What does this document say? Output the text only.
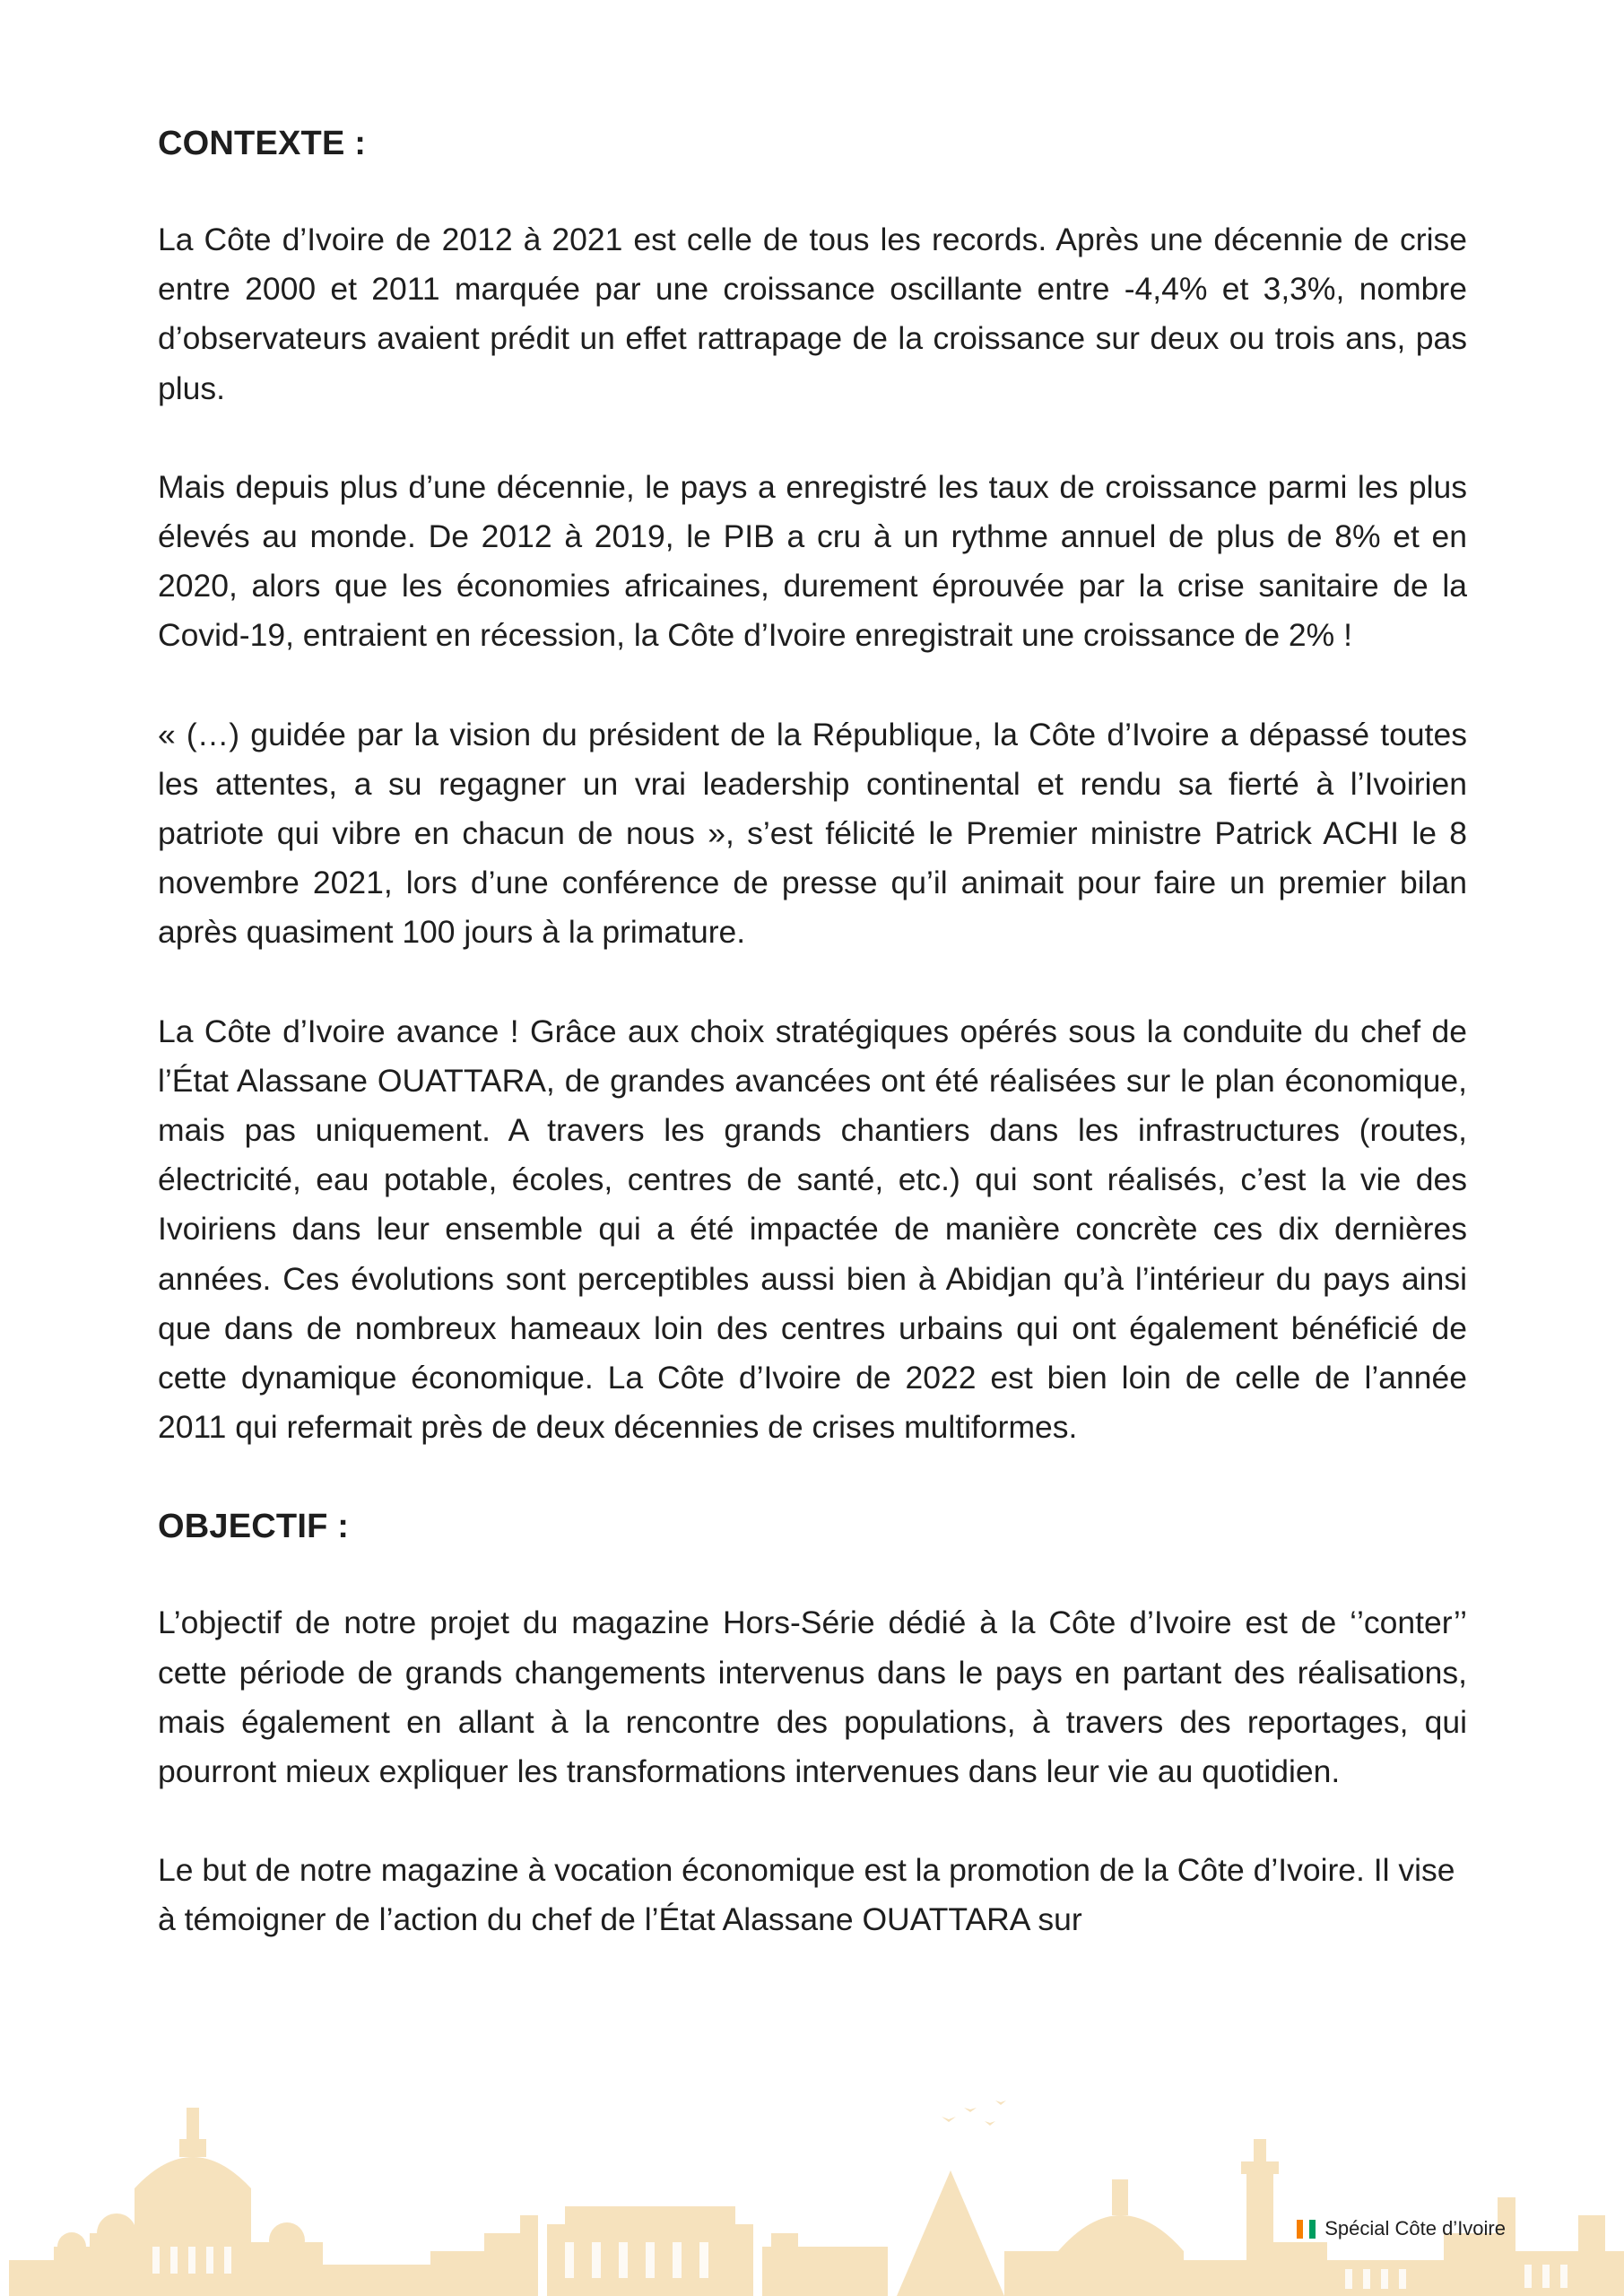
CONTEXTE :

La Côte d’Ivoire de 2012 à 2021 est celle de tous les records. Après une décennie de crise entre 2000 et 2011 marquée par une croissance oscillante entre -4,4% et 3,3%, nombre d’observateurs avaient prédit un effet rattrapage de la croissance sur deux ou trois ans, pas plus.

Mais depuis plus d’une décennie, le pays a enregistré les taux de croissance parmi les plus élevés au monde. De 2012 à 2019, le PIB a cru à un rythme annuel de plus de 8% et en 2020, alors que les économies africaines, durement éprouvée par la crise sanitaire de la Covid-19, entraient en récession, la Côte d’Ivoire enregistrait une croissance de 2% !

« (…) guidée par la vision du président de la République, la Côte d’Ivoire a dépassé toutes les attentes, a su regagner un vrai leadership continental et rendu sa fierté à l’Ivoirien patriote qui vibre en chacun de nous », s’est félicité le Premier ministre Patrick ACHI le 8 novembre 2021, lors d’une conférence de presse qu’il animait pour faire un premier bilan après quasiment 100 jours à la primature.

La Côte d’Ivoire avance ! Grâce aux choix stratégiques opérés sous la conduite du chef de l’État Alassane OUATTARA, de grandes avancées ont été réalisées sur le plan économique, mais pas uniquement. A travers les grands chantiers dans les infrastructures (routes, électricité, eau potable, écoles, centres de santé, etc.) qui sont réalisés, c’est la vie des Ivoiriens dans leur ensemble qui a été impactée de manière concrète ces dix dernières années. Ces évolutions sont perceptibles aussi bien à Abidjan qu’à l’intérieur du pays ainsi que dans de nombreux hameaux loin des centres urbains qui ont également bénéficié de cette dynamique économique. La Côte d’Ivoire de 2022 est bien loin de celle de l’année 2011 qui refermait près de deux décennies de crises multiformes.

OBJECTIF :

L’objectif de notre projet du magazine Hors-Série dédié à la Côte d’Ivoire est de ‘’conter’’ cette période de grands changements intervenus dans le pays en partant des réalisations, mais également en allant à la rencontre des populations, à travers des reportages, qui pourront mieux expliquer les transformations intervenues dans leur vie au quotidien.

Le but de notre magazine à vocation économique est la promotion de la Côte d’Ivoire. Il vise à témoigner de l’action du chef de l’État Alassane OUATTARA sur

Spécial Côte d’Ivoire
